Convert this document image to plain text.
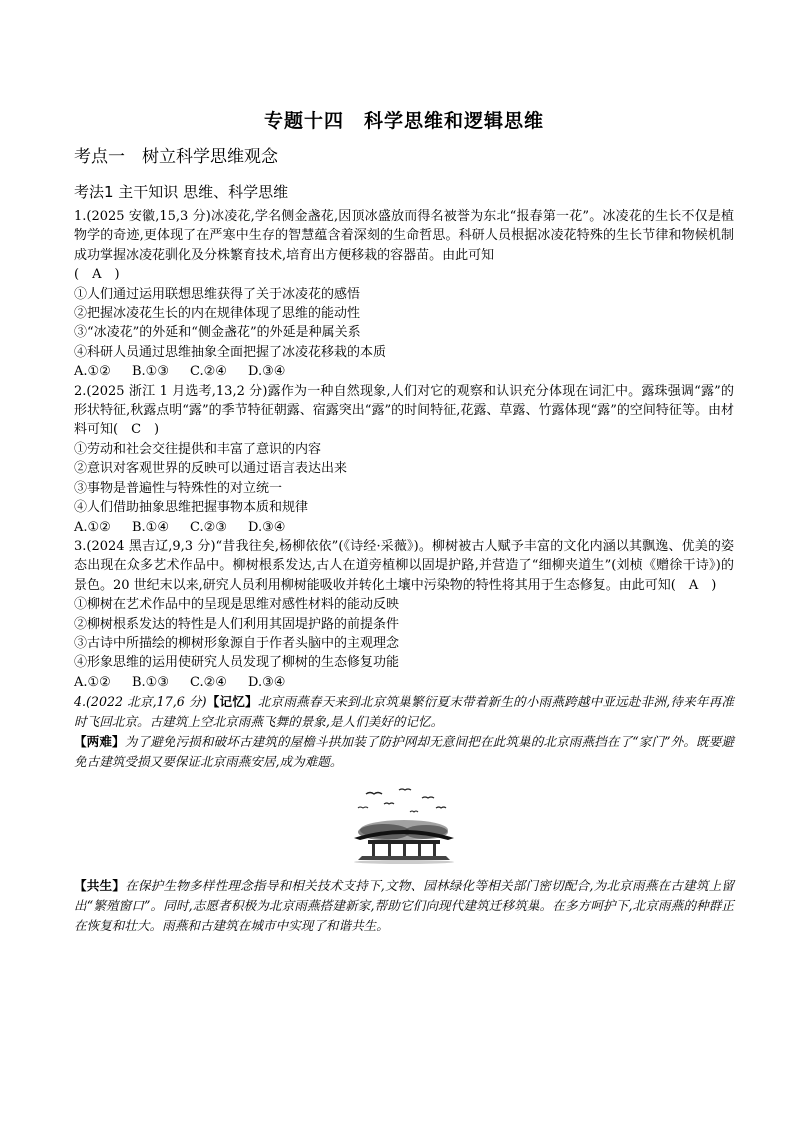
专题十四　科学思维和逻辑思维
考点一　树立科学思维观念
考法1 主干知识 思维、科学思维
1.(2025 安徽,15,3 分)冰凌花,学名侧金盏花,因顶冰盛放而得名被誉为东北“报春第一花”。冰凌花的生长不仅是植物学的奇迹,更体现了在严寒中生存的智慧蕴含着深刻的生命哲思。科研人员根据冰凌花特殊的生长节律和物候机制成功掌握冰凌花驯化及分株繁育技术,培育出方便移栽的容器苗。由此可知
(　A　)
①人们通过运用联想思维获得了关于冰凌花的感悟
②把握冰凌花生长的内在规律体现了思维的能动性
③“冰凌花”的外延和“侧金盏花”的外延是种属关系
④科研人员通过思维抽象全面把握了冰凌花移栽的本质
A.①② B.①③ C.②④ D.③④
2.(2025 浙江 1 月选考,13,2 分)露作为一种自然现象,人们对它的观察和认识充分体现在词汇中。露珠强调“露”的形状特征,秋露点明“露”的季节特征朝露、宿露突出“露”的时间特征,花露、草露、竹露体现“露”的空间特征等。由材料可知(　C　)
①劳动和社会交往提供和丰富了意识的内容
②意识对客观世界的反映可以通过语言表达出来
③事物是普遍性与特殊性的对立统一
④人们借助抽象思维把握事物本质和规律
A.①② B.①④ C.②③ D.③④
3.(2024 黑吉辽,9,3 分)“昔我往矣,杨柳依依”(《诗经·采薇》)。柳树被古人赋予丰富的文化内涵以其飘逸、优美的姿态出现在众多艺术作品中。柳树根系发达,古人在道旁植柳以固堤护路,并营造了“细柳夹道生”(刘桢《赠徐干诗》)的景色。20 世纪末以来,研究人员利用柳树能吸收并转化土壤中污染物的特性将其用于生态修复。由此可知(　A　)
①柳树在艺术作品中的呈现是思维对感性材料的能动反映
②柳树根系发达的特性是人们利用其固堤护路的前提条件
③古诗中所描绘的柳树形象源自于作者头脑中的主观理念
④形象思维的运用使研究人员发现了柳树的生态修复功能
A.①② B.①③ C.②④ D.③④
4.(2022 北京,17,6 分)【记忆】北京雨燕春天来到北京筑巢繁衍夏末带着新生的小雨燕跨越中亚远赴非洲,待来年再准时飞回北京。古建筑上空北京雨燕飞舞的景象,是人们美好的记忆。
【两难】为了避免污损和破坏古建筑的屋檐斗拱加装了防护网却无意间把在此筑巢的北京雨燕挡在了“家门”外。既要避免古建筑受损又要保证北京雨燕安居,成为难题。
【共生】在保护生物多样性理念指导和相关技术支持下,文物、园林绿化等相关部门密切配合,为北京雨燕在古建筑上留出“繁殖窗口”。同时,志愿者积极为北京雨燕搭建新家,帮助它们向现代建筑迁移筑巢。在多方呵护下,北京雨燕的种群正在恢复和壮大。雨燕和古建筑在城市中实现了和谐共生。
